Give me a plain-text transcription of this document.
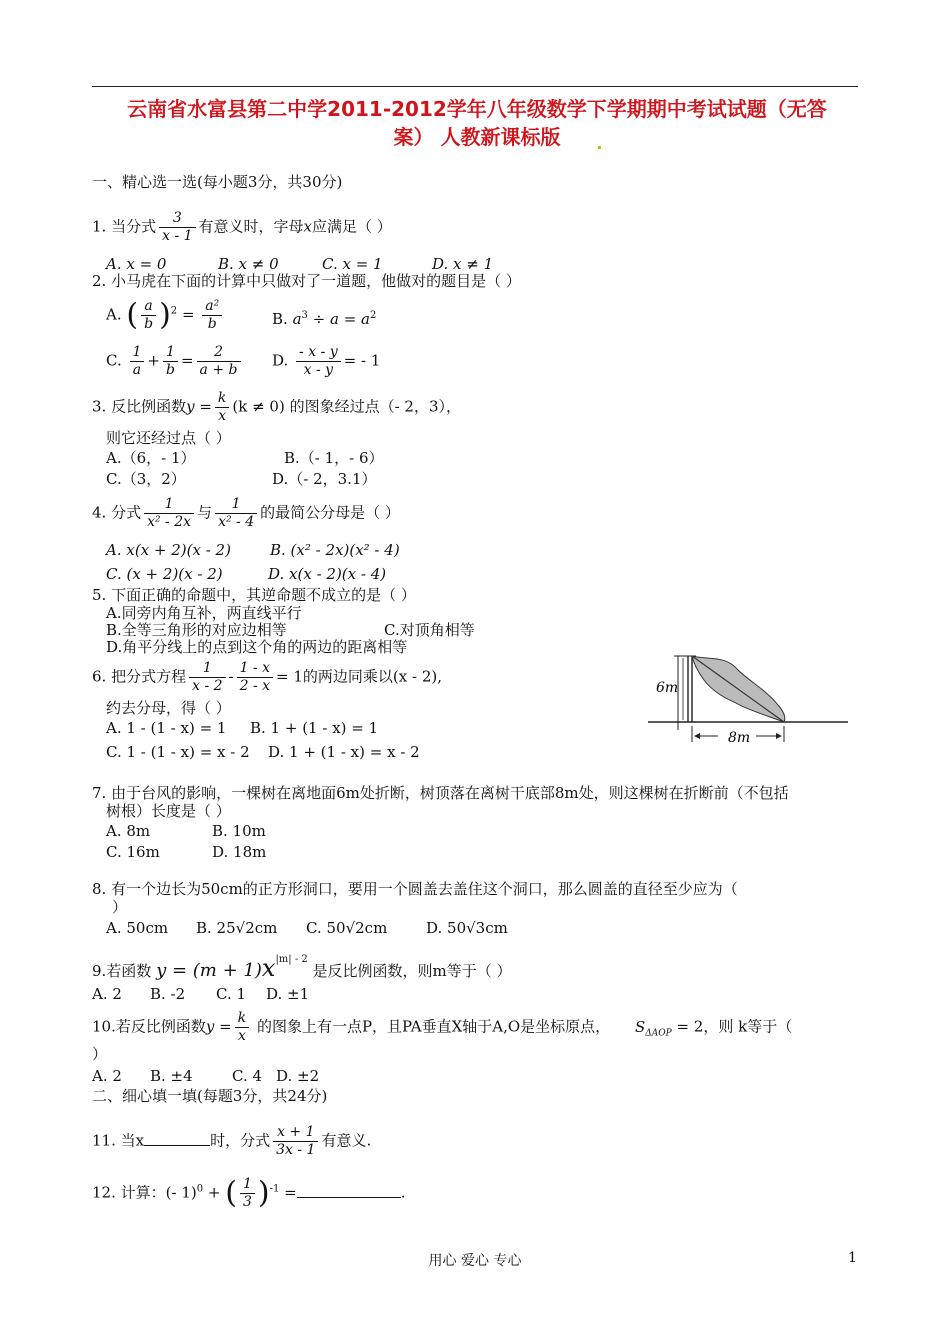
云南省水富县第二中学2011-2012学年八年级数学下学期期中考试试题（无答
案） 人教新课标版
一、精心选一选(每小题3分，共30分)
1. 当分式 $\frac{3}{x - 1}$ 有意义时，字母x应满足（ ）
A. x = 0	B. x ≠ 0	C. x = 1	D. x ≠ 1
2. 小马虎在下面的计算中只做对了一道题，他做对的题目是（ ）
A. ( $\frac{a}{b} )^2 = \frac{\text{a²}}{b}$	B. $a^3 \div a = a^2$
C. $\frac{1}{a} + \frac{1}{b} = \frac{2}{a + b} D$. $\frac{- x - y}{x - y}$ = - 1
3. 反比例函数$y = \frac{k}{x} (k \ne 0)$ 的图象经过点（- 2，3），
则它还经过点（ ）
A.（6，- 1）	B.（- 1，- 6）
C.（3，2）	D.（- 2，3.1）
4. 分式 $\frac{1}{\text{x² - 2x}}$ 与 $\frac{1}{\text{x² - 4}}$ 的最简公分母是（ ）
A. x(x + 2)(x - 2)	B. (x² - 2x)(x² - 4)
C. (x + 2)(x - 2)	D. x(x - 2)(x - 4)
5. 下面正确的命题中，其逆命题不成立的是（ ）
A.同旁内角互补，两直线平行
B.全等三角形的对应边相等	C.对顶角相等
D.角平分线上的点到这个角的两边的距离相等
6. 把分式方程 $\frac{1}{x - 2} - \frac{1 - x}{2 - x} = 1$的两边同乘以(x - 2),
约去分母，得（ ）
A. 1 - (1 - x) = 1 B. 1 + (1 - x) = 1
C. 1 - (1 - x) = x - 2 D. 1 + (1 - x) = x - 2
6m
8m
7. 由于台风的影响，一棵树在离地面6m处折断，树顶落在离树干底部8m处，则这棵树在折断前（不包括
树根）长度是（ ）
A. 8m	B. 10m
C. 16m	D. 18m
8. 有一个边长为50cm的正方形洞口，要用一个圆盖去盖住这个洞口，那么圆盖的直径至少应为（
）
A. 50cm B. 25√2cm C. 50√2cm	D. 50√3cm
9.若函数 $y = (m + 1)x^{|m| - 2}$ 是反比例函数，则m等于（ ）
A. 2 B. -2 C. 1 D. ±1
10.若反比例函数$y = \frac{k}{x}$ 的图象上有一点P，且PA垂直X轴于A,O是坐标原点， $S_{\Delta AOP} = 2$，则 k等于（
）
A. 2 B. ±4	C. 4 D. ±2
二、细心填一填(每题3分，共24分)
11. 当x	时，分式 $\frac{x + 1}{3x - 1}$ 有意义.
12. 计算：(- 1)$^0$ + ( $\frac{1}{3} )^{-1}$ =	.
用心 爱心 专心	1
